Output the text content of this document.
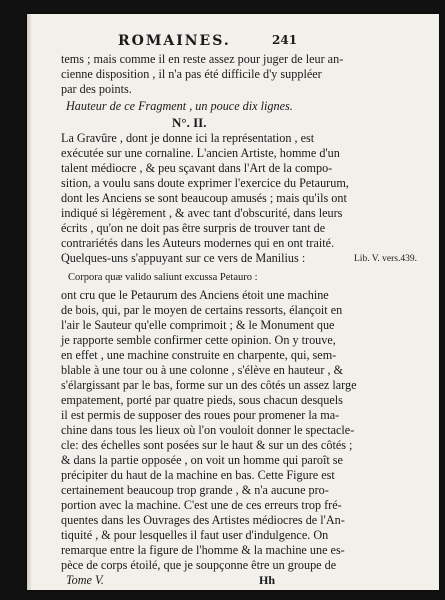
ROMAINES.	241
tems ; mais comme il en reste assez pour juger de leur an-
cienne disposition , il n'a pas été difficile d'y suppléer
par des points.
Hauteur de ce Fragment , un pouce dix lignes.
N°. II.
La Gravûre , dont je donne ici la représentation , est
exécutée sur une cornaline. L'ancien Artiste, homme d'un
talent médiocre , & peu sçavant dans l'Art de la compo-
sition, a voulu sans doute exprimer l'exercice du Petaurum,
dont les Anciens se sont beaucoup amusés ; mais qu'ils ont
indiqué si légèrement , & avec tant d'obscurité, dans leurs
écrits , qu'on ne doit pas être surpris de trouver tant de
contrariétés dans les Auteurs modernes qui en ont traité.
Quelques-uns s'appuyant sur ce vers de Manilius :	Lib. V. vers.439.
Corpora quæ valido saliunt excussa Petauro :
ont cru que le Petaurum des Anciens étoit une machine
de bois, qui, par le moyen de certains ressorts, élançoit en
l'air le Sauteur qu'elle comprimoit ; & le Monument que
je rapporte semble confirmer cette opinion. On y trouve,
en effet , une machine construite en charpente, qui, sem-
blable à une tour ou à une colonne , s'élève en hauteur , &
s'élargissant par le bas, forme sur un des côtés un assez large
empatement, porté par quatre pieds, sous chacun desquels
il est permis de supposer des roues pour promener la ma-
chine dans tous les lieux où l'on vouloit donner le spectacle-
cle: des échelles sont posées sur le haut & sur un des côtés ;
& dans la partie opposée , on voit un homme qui paroît se
précipiter du haut de la machine en bas. Cette Figure est
certainement beaucoup trop grande , & n'a aucune pro-
portion avec la machine. C'est une de ces erreurs trop fré-
quentes dans les Ouvrages des Artistes médiocres de l'An-
tiquité , & pour lesquelles il faut user d'indulgence. On
remarque entre la figure de l'homme & la machine une es-
pèce de corps étoilé, que je soupçonne être un groupe de
Tome V.	Hh
